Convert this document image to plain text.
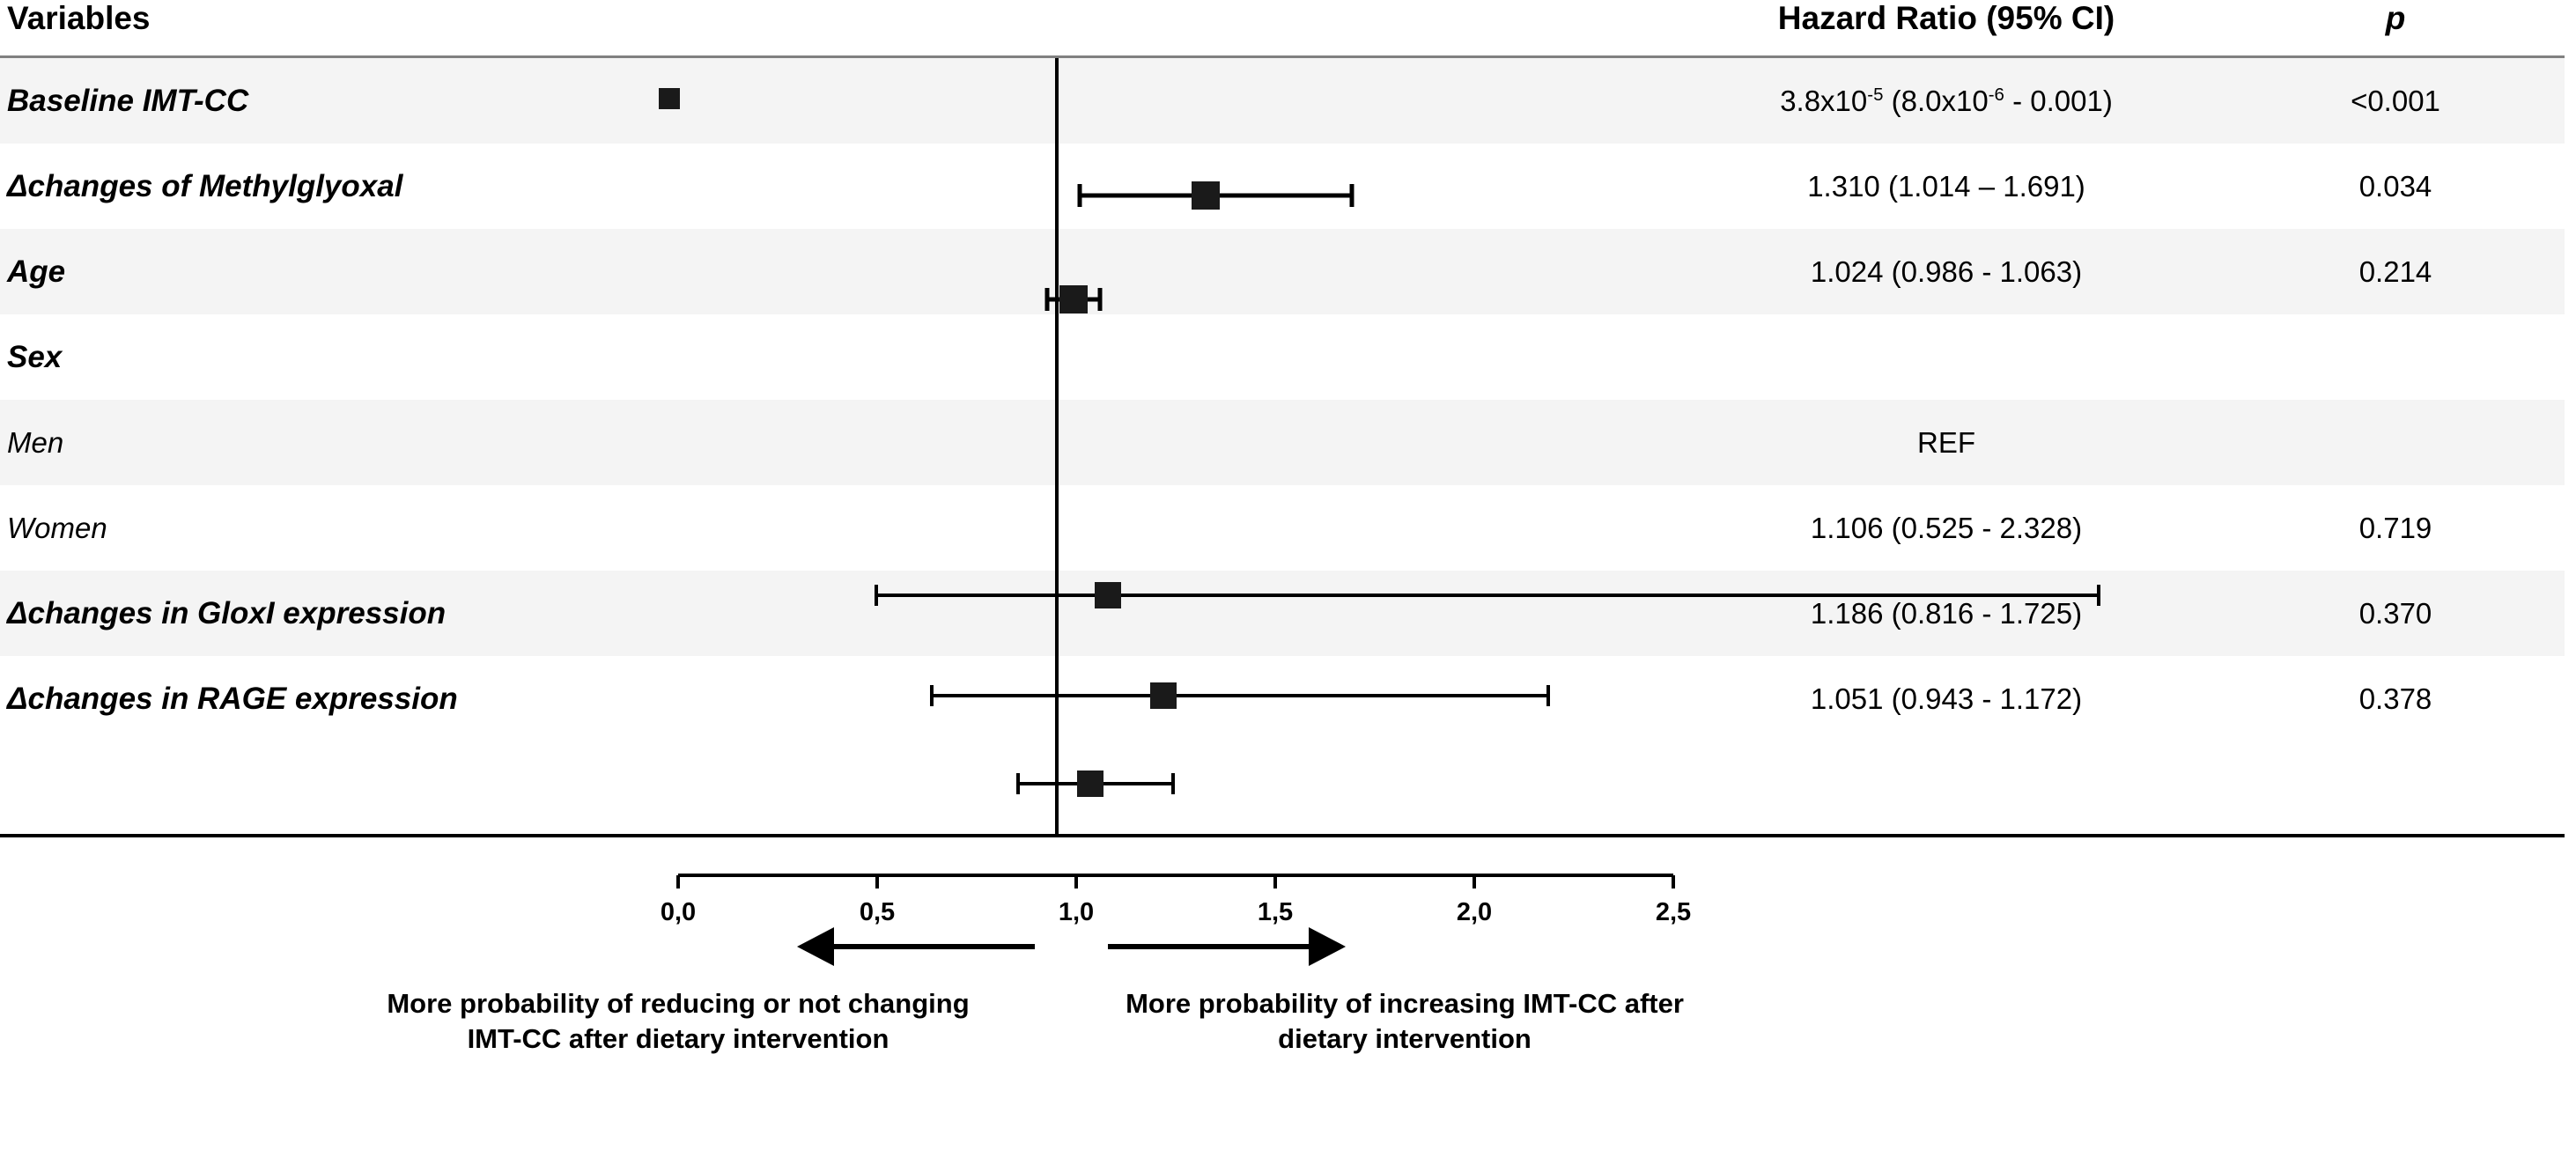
Variables	Hazard Ratio (95% CI)	p
Baseline IMT-CC	$3.8x10^{-5}$ $(8.0x10^{-6} - 0.001)$	<0.001
Δchanges of Methylglyoxal	1.310 (1.014 – 1.691)	0.034
Age	1.024 (0.986 - 1.063)	0.214
Sex
Men	REF
Women	1.106 (0.525 - 2.328)	0.719
Δchanges in GloxI expression	1.186 (0.816 - 1.725)	0.370
Δchanges in RAGE expression	1.051 (0.943 - 1.172)	0.378
0,0	0,5	1,0	1,5	2,0	2,5
More probability of reducing or not changing IMT-CC after dietary intervention
More probability of increasing IMT-CC after dietary intervention
